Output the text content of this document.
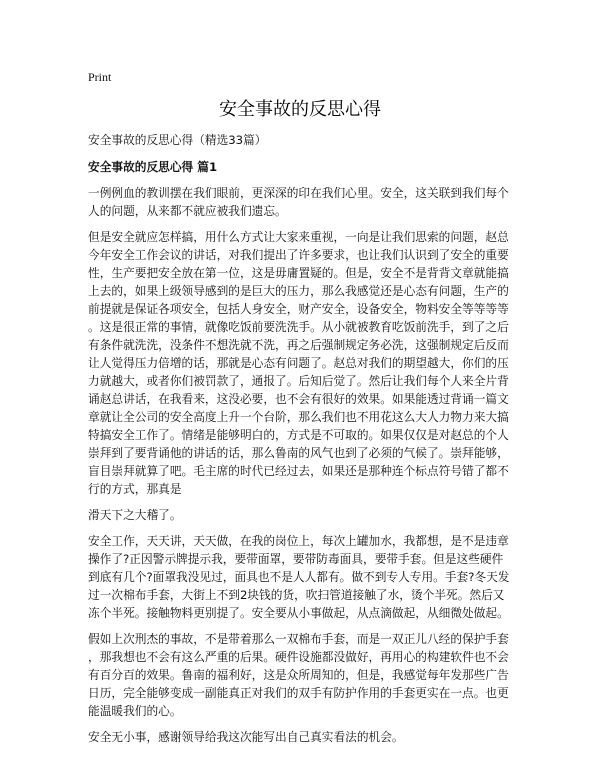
Print
安全事故的反思心得
安全事故的反思心得（精选33篇）
安全事故的反思心得 篇1
一例例血的教训摆在我们眼前，更深深的印在我们心里。安全，这关联到我们每个
人的问题，从来都不就应被我们遗忘。
但是安全就应怎样搞，用什么方式让大家来重视，一向是让我们思索的问题，赵总
今年安全工作会议的讲话，对我们提出了许多要求，也让我们认识到了安全的重要
性，生产要把安全放在第一位，这是毋庸置疑的。但是，安全不是背背文章就能搞
上去的，如果上级领导感到的是巨大的压力，那么我感觉还是心态有问题，生产的
前提就是保证各项安全，包括人身安全，财产安全，设备安全，物料安全等等等等
。这是很正常的事情，就像吃饭前要洗洗手。从小就被教育吃饭前洗手，到了之后
有条件就洗洗，没条件不想洗就不洗，再之后强制规定务必洗，这强制规定后反而
让人觉得压力倍增的话，那就是心态有问题了。赵总对我们的期望越大，你们的压
力就越大，或者你们被罚款了，通报了。后知后觉了。然后让我们每个人来全片背
诵赵总讲话，在我看来，这没必要，也不会有很好的效果。如果能透过背诵一篇文
章就让全公司的安全高度上升一个台阶，那么我们也不用花这么大人力物力来大搞
特搞安全工作了。情绪是能够明白的，方式是不可取的。如果仅仅是对赵总的个人
崇拜到了要背诵他的讲话的话，那么鲁南的风气也到了必须的气候了。崇拜能够，
盲目崇拜就算了吧。毛主席的时代已经过去，如果还是那种连个标点符号错了都不
行的方式，那真是
滑天下之大稽了。
安全工作，天天讲，天天做，在我的岗位上，每次上罐加水，我都想，是不是违章
操作了?正因警示牌提示我，要带面罩，要带防毒面具，要带手套。但是这些硬件
到底有几个?面罩我没见过，面具也不是人人都有。做不到专人专用。手套?冬天发
过一次棉布手套，大街上不到2块钱的货，吹扫管道接触了水，烫个半死。然后又
冻个半死。接触物料更别提了。安全要从小事做起，从点滴做起，从细微处做起。
假如上次刑杰的事故，不是带着那么一双棉布手套，而是一双正儿八经的保护手套
，那我想也不会有这么严重的后果。硬件设施都没做好，再用心的构建软件也不会
有百分百的效果。鲁南的福利好，这是众所周知的，但是，我感觉每年发那些广告
日历，完全能够变成一副能真正对我们的双手有防护作用的手套更实在一点。也更
能温暖我们的心。
安全无小事，感谢领导给我这次能写出自己真实看法的机会。
